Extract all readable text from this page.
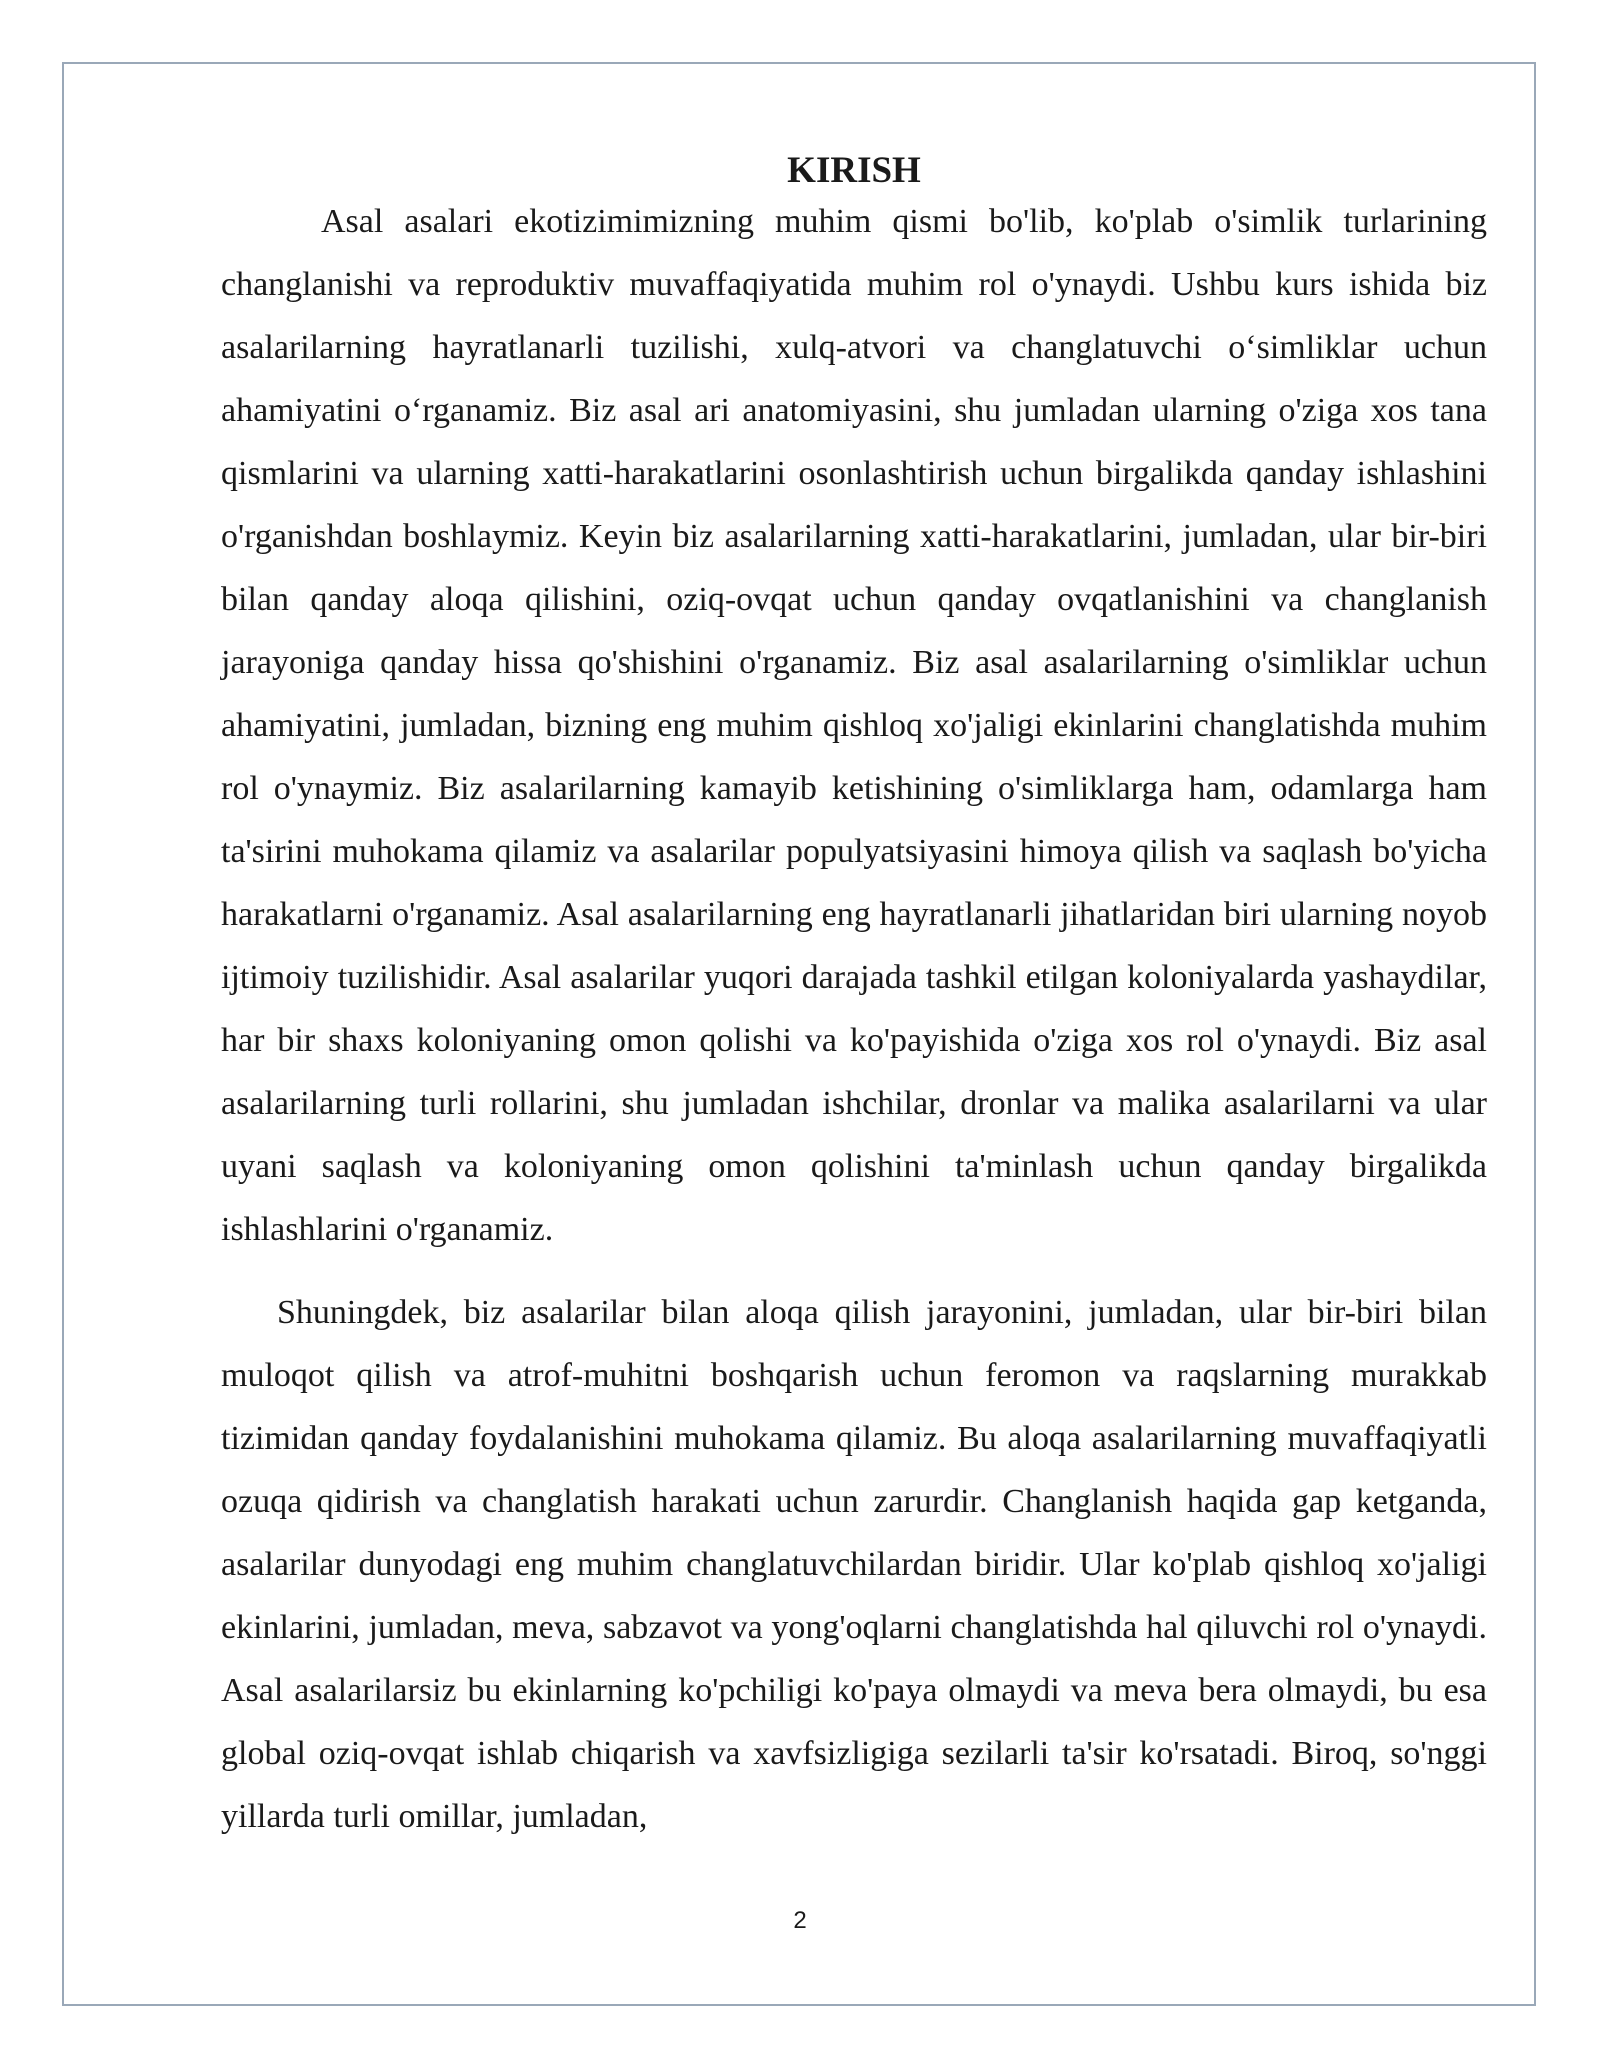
KIRISH

Asal asalari ekotizimimizning muhim qismi bo'lib, ko'plab o'simlik turlarining changlanishi va reproduktiv muvaffaqiyatida muhim rol o'ynaydi. Ushbu kurs ishida biz asalarilarning hayratlanarli tuzilishi, xulq-atvori va changlatuvchi o‘simliklar uchun ahamiyatini o‘rganamiz. Biz asal ari anatomiyasini, shu jumladan ularning o'ziga xos tana qismlarini va ularning xatti-harakatlarini osonlashtirish uchun birgalikda qanday ishlashini o'rganishdan boshlaymiz. Keyin biz asalarilarning xatti-harakatlarini, jumladan, ular bir-biri bilan qanday aloqa qilishini, oziq-ovqat uchun qanday ovqatlanishini va changlanish jarayoniga qanday hissa qo'shishini o'rganamiz. Biz asal asalarilarning o'simliklar uchun ahamiyatini, jumladan, bizning eng muhim qishloq xo'jaligi ekinlarini changlatishda muhim rol o'ynaymiz. Biz asalarilarning kamayib ketishining o'simliklarga ham, odamlarga ham ta'sirini muhokama qilamiz va asalarilar populyatsiyasini himoya qilish va saqlash bo'yicha harakatlarni o'rganamiz. Asal asalarilarning eng hayratlanarli jihatlaridan biri ularning noyob ijtimoiy tuzilishidir. Asal asalarilar yuqori darajada tashkil etilgan koloniyalarda yashaydilar, har bir shaxs koloniyaning omon qolishi va ko'payishida o'ziga xos rol o'ynaydi. Biz asal asalarilarning turli rollarini, shu jumladan ishchilar, dronlar va malika asalarilarni va ular uyani saqlash va koloniyaning omon qolishini ta'minlash uchun qanday birgalikda ishlashlarini o'rganamiz.

Shuningdek, biz asalarilar bilan aloqa qilish jarayonini, jumladan, ular bir-biri bilan muloqot qilish va atrof-muhitni boshqarish uchun feromon va raqslarning murakkab tizimidan qanday foydalanishini muhokama qilamiz. Bu aloqa asalarilarning muvaffaqiyatli ozuqa qidirish va changlatish harakati uchun zarurdir. Changlanish haqida gap ketganda, asalarilar dunyodagi eng muhim changlatuvchilardan biridir. Ular ko'plab qishloq xo'jaligi ekinlarini, jumladan, meva, sabzavot va yong'oqlarni changlatishda hal qiluvchi rol o'ynaydi. Asal asalarilarsiz bu ekinlarning ko'pchiligi ko'paya olmaydi va meva bera olmaydi, bu esa global oziq-ovqat ishlab chiqarish va xavfsizligiga sezilarli ta'sir ko'rsatadi. Biroq, so'nggi yillarda turli omillar, jumladan,

2
